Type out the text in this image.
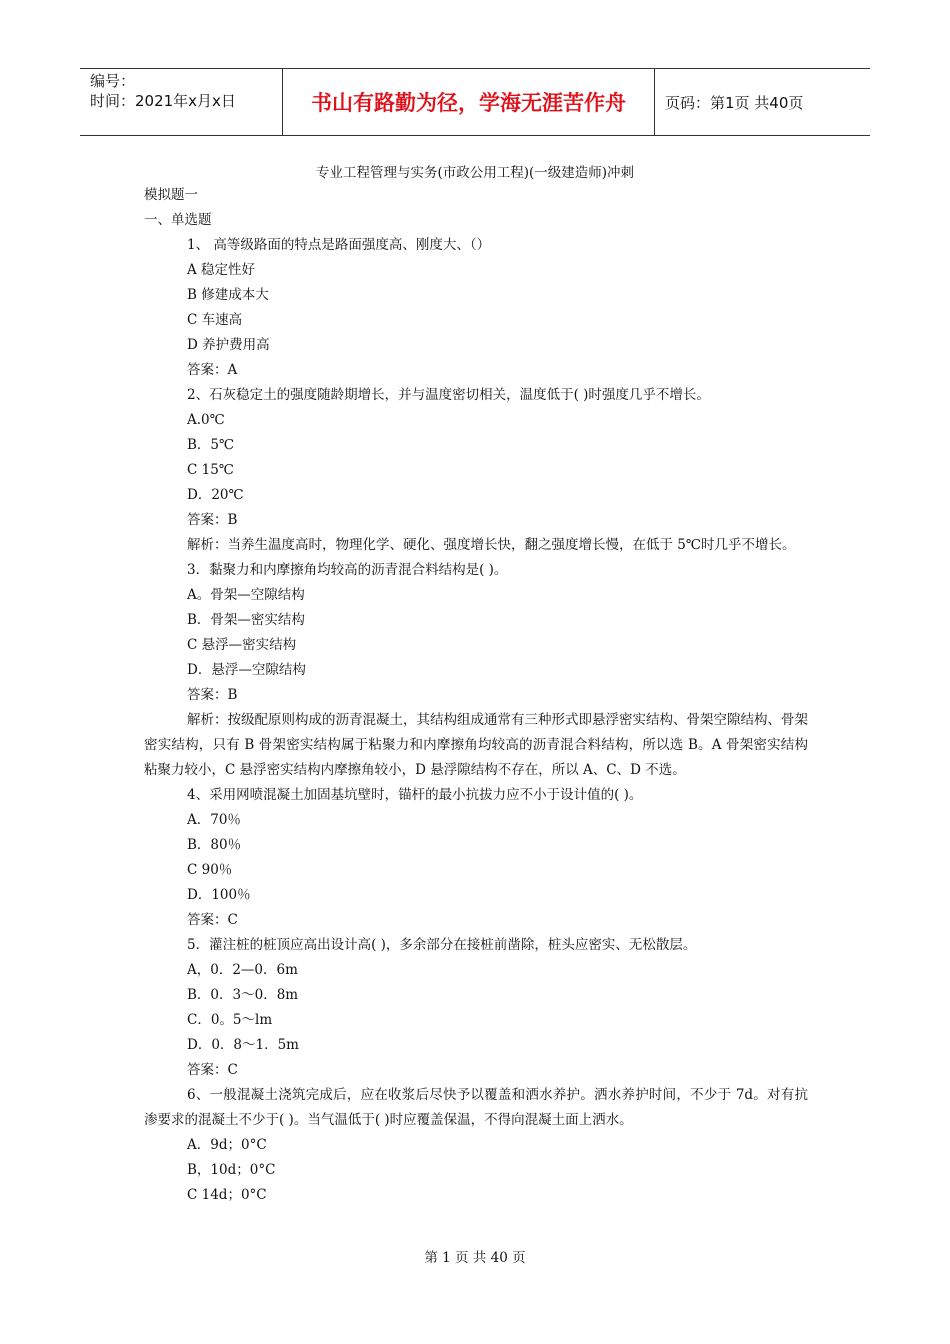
编号：
时间：2021年x月x日	书山有路勤为径，学海无涯苦作舟	页码：第1页 共40页
专业工程管理与实务(市政公用工程)(一级建造师)冲刺
模拟题一
一、单选题
1、 高等级路面的特点是路面强度高、刚度大、（）
A 稳定性好
B 修建成本大
C 车速高
D 养护费用高
答案：A
2、石灰稳定土的强度随龄期增长，并与温度密切相关，温度低于( )时强度几乎不增长。
A.0℃
B．5℃
C 15℃
D．20℃
答案：B
解析：当养生温度高时，物理化学、硬化、强度增长快，翻之强度增长慢，在低于 5℃时几乎不增长。
3．黏聚力和内摩擦角均较高的沥青混合料结构是( )。
A。骨架—空隙结构
B．骨架—密实结构
C 悬浮—密实结构
D．悬浮—空隙结构
答案：B
解析：按级配原则构成的沥青混凝土，其结构组成通常有三种形式即悬浮密实结构、骨架空隙结构、骨架密实结构，只有 B 骨架密实结构属于粘聚力和内摩擦角均较高的沥青混合料结构，所以选 B。A 骨架密实结构粘聚力较小，C 悬浮密实结构内摩擦角较小，D 悬浮隙结构不存在，所以 A、C、D 不选。
4、采用网喷混凝土加固基坑壁时，锚杆的最小抗拔力应不小于设计值的( )。
A．70％
B．80％
C 90％
D．100％
答案：C
5．灌注桩的桩顶应高出设计高( )，多余部分在接桩前凿除，桩头应密实、无松散层。
A，0．2—0．6m
B．0．3～0．8m
C．0。5～lm
D．0．8～1．5m
答案：C
6、一般混凝土浇筑完成后，应在收浆后尽快予以覆盖和洒水养护。洒水养护时间，不少于 7d。对有抗渗要求的混凝土不少于( )。当气温低于( )时应覆盖保温，不得向混凝土面上洒水。
A．9d；0°C
B，10d；0°C
C 14d；0°C
第 1 页 共 40 页
